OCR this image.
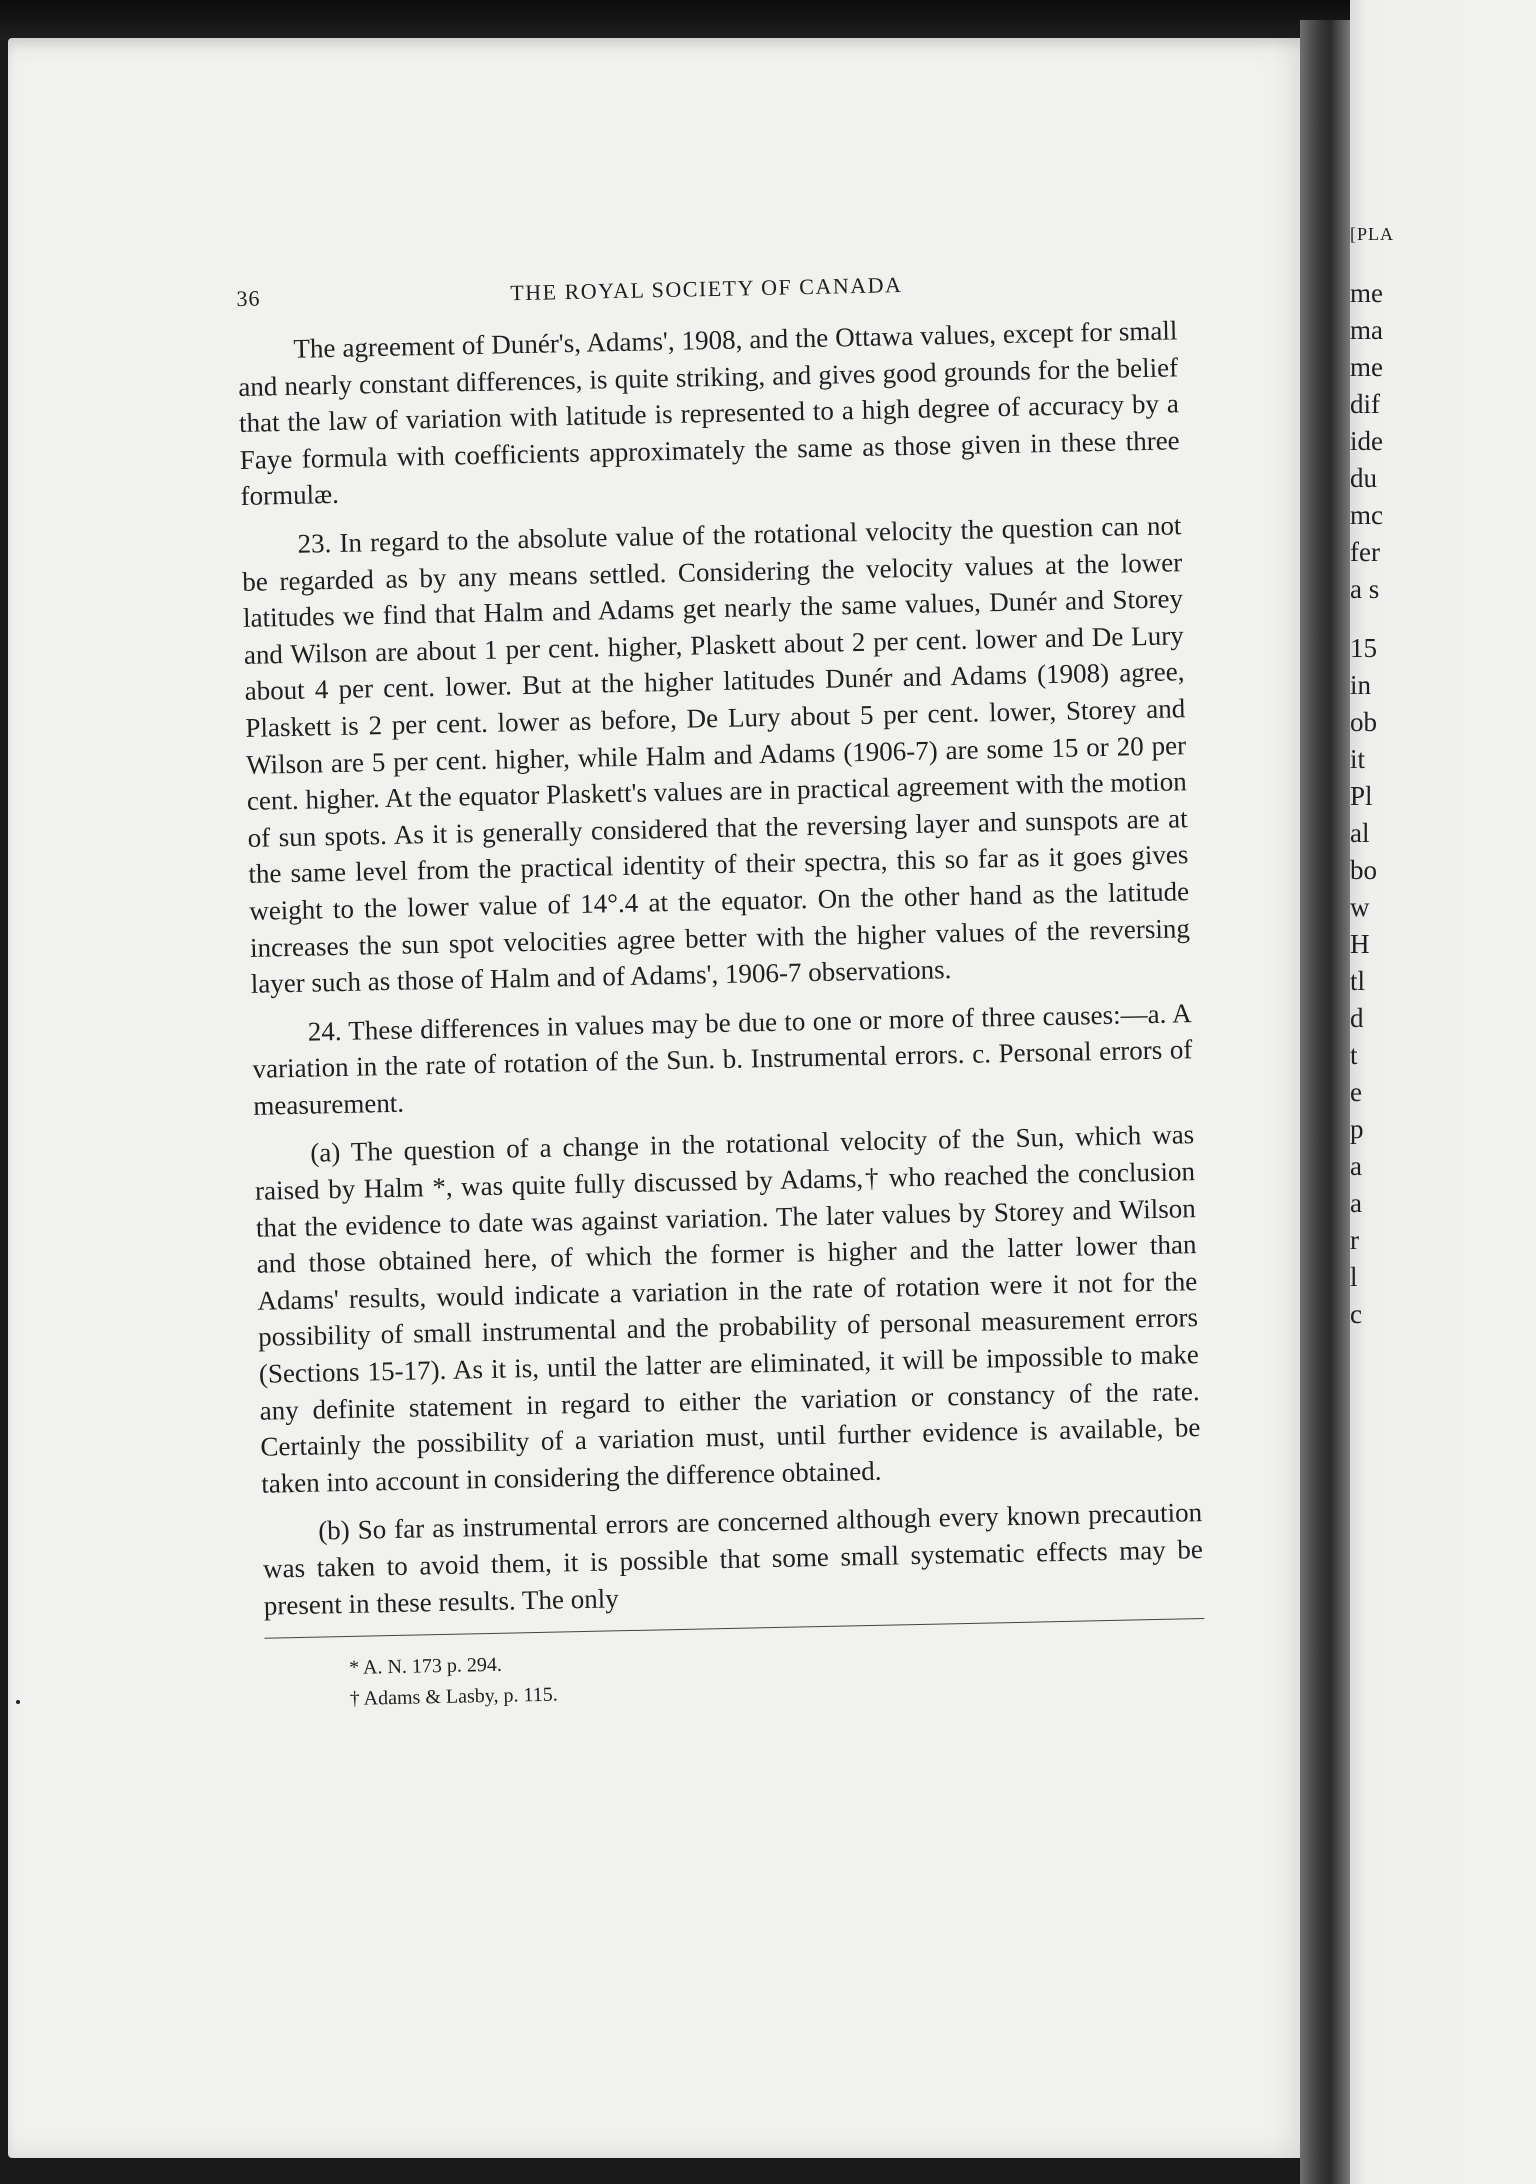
36	THE ROYAL SOCIETY OF CANADA

The agreement of Dunér's, Adams', 1908, and the Ottawa values, except for small and nearly constant differences, is quite striking, and gives good grounds for the belief that the law of variation with latitude is represented to a high degree of accuracy by a Faye formula with coefficients approximately the same as those given in these three formulæ.

23. In regard to the absolute value of the rotational velocity the question can not be regarded as by any means settled. Considering the velocity values at the lower latitudes we find that Halm and Adams get nearly the same values, Dunér and Storey and Wilson are about 1 per cent. higher, Plaskett about 2 per cent. lower and De Lury about 4 per cent. lower. But at the higher latitudes Dunér and Adams (1908) agree, Plaskett is 2 per cent. lower as before, De Lury about 5 per cent. lower, Storey and Wilson are 5 per cent. higher, while Halm and Adams (1906-7) are some 15 or 20 per cent. higher. At the equator Plaskett's values are in practical agreement with the motion of sun spots. As it is generally considered that the reversing layer and sunspots are at the same level from the practical identity of their spectra, this so far as it goes gives weight to the lower value of 14°.4 at the equator. On the other hand as the latitude increases the sun spot velocities agree better with the higher values of the reversing layer such as those of Halm and of Adams', 1906-7 observations.

24. These differences in values may be due to one or more of three causes:—a. A variation in the rate of rotation of the Sun. b. Instrumental errors. c. Personal errors of measurement.

(a) The question of a change in the rotational velocity of the Sun, which was raised by Halm *, was quite fully discussed by Adams,† who reached the conclusion that the evidence to date was against variation. The later values by Storey and Wilson and those obtained here, of which the former is higher and the latter lower than Adams' results, would indicate a variation in the rate of rotation were it not for the possibility of small instrumental and the probability of personal measurement errors (Sections 15-17). As it is, until the latter are eliminated, it will be impossible to make any definite statement in regard to either the variation or constancy of the rate. Certainly the possibility of a variation must, until further evidence is available, be taken into account in considering the difference obtained.

(b) So far as instrumental errors are concerned although every known precaution was taken to avoid them, it is possible that some small systematic effects may be present in these results. The only

* A. N. 173 p. 294.
† Adams & Lasby, p. 115.
[PLA
me
ma
me
dif
ide
du
mc
fer
a s
15
in
ob
it
Pl
al
bo
w
H
tl
d
t
e
p
a
a
r
l
c
